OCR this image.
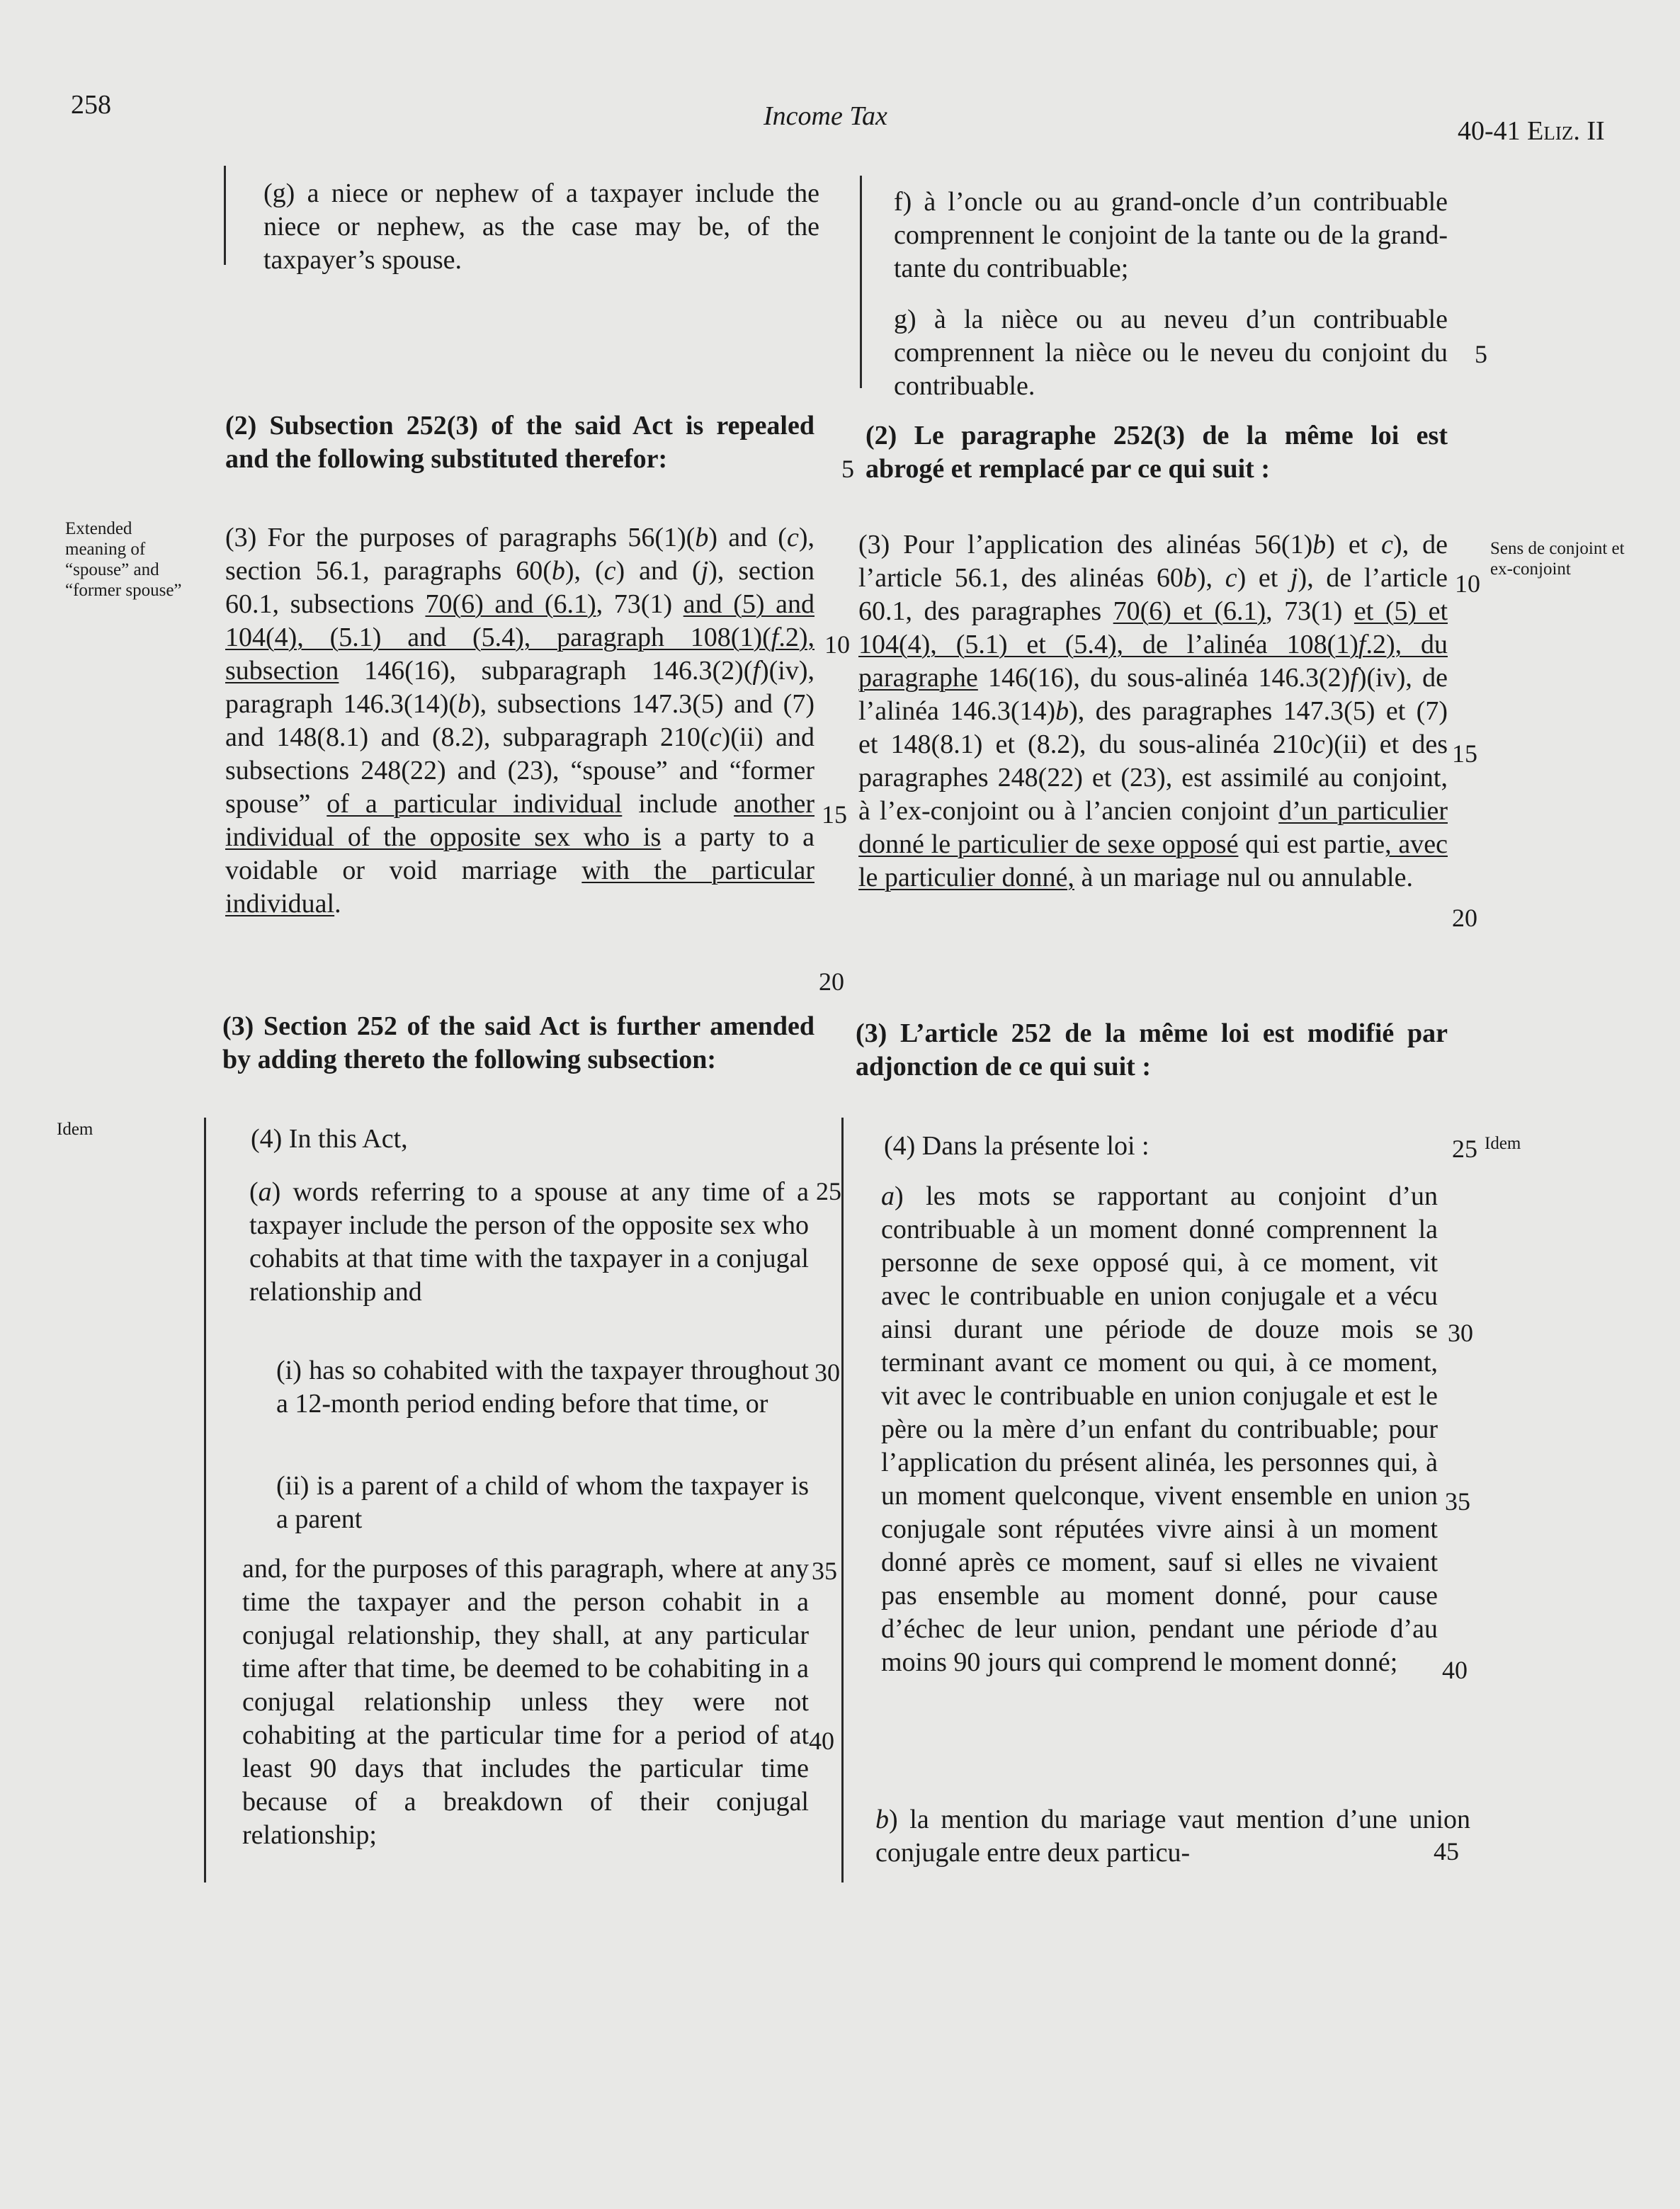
258	Income Tax	40-41 Eliz. II
Extended meaning of “spouse” and “former spouse”
Sens de conjoint et ex-conjoint
Idem
Idem

(g) a niece or nephew of a taxpayer include the niece or nephew, as the case may be, of the taxpayer’s spouse.

(2) Subsection 252(3) of the said Act is repealed and the following substituted therefor:

(3) For the purposes of paragraphs 56(1)(b) and (c), section 56.1, paragraphs 60(b), (c) and (j), section 60.1, subsections 70(6) and (6.1), 73(1) and (5) and 104(4), (5.1) and (5.4), paragraph 108(1)(f.2), subsection 146(16), subparagraph 146.3(2)(f)(iv), paragraph 146.3(14)(b), subsections 147.3(5) and (7) and 148(8.1) and (8.2), subparagraph 210(c)(ii) and subsections 248(22) and (23), “spouse” and “former spouse” of a particular individual include another individual of the opposite sex who is a party to a voidable or void marriage with the particular individual.

(3) Section 252 of the said Act is further amended by adding thereto the following subsection:

(4) In this Act,

(a) words referring to a spouse at any time of a taxpayer include the person of the opposite sex who cohabits at that time with the taxpayer in a conjugal relationship and

(i) has so cohabited with the taxpayer throughout a 12-month period ending before that time, or

(ii) is a parent of a child of whom the taxpayer is a parent

and, for the purposes of this paragraph, where at any time the taxpayer and the person cohabit in a conjugal relationship, they shall, at any particular time after that time, be deemed to be cohabiting in a conjugal relationship unless they were not cohabiting at the particular time for a period of at least 90 days that includes the particular time because of a breakdown of their conjugal relationship;

f) à l’oncle ou au grand-oncle d’un contribuable comprennent le conjoint de la tante ou de la grand-tante du contribuable;

g) à la nièce ou au neveu d’un contribuable comprennent la nièce ou le neveu du conjoint du contribuable.

(2) Le paragraphe 252(3) de la même loi est abrogé et remplacé par ce qui suit :

(3) Pour l’application des alinéas 56(1)b) et c), de l’article 56.1, des alinéas 60b), c) et j), de l’article 60.1, des paragraphes 70(6) et (6.1), 73(1) et (5) et 104(4), (5.1) et (5.4), de l’alinéa 108(1)f.2), du paragraphe 146(16), du sous-alinéa 146.3(2)f)(iv), de l’alinéa 146.3(14)b), des paragraphes 147.3(5) et (7) et 148(8.1) et (8.2), du sous-alinéa 210c)(ii) et des paragraphes 248(22) et (23), est assimilé au conjoint, à l’ex-conjoint ou à l’ancien conjoint d’un particulier donné le particulier de sexe opposé qui est partie, avec le particulier donné, à un mariage nul ou annulable.

(3) L’article 252 de la même loi est modifié par adjonction de ce qui suit :

(4) Dans la présente loi :

a) les mots se rapportant au conjoint d’un contribuable à un moment donné comprennent la personne de sexe opposé qui, à ce moment, vit avec le contribuable en union conjugale et a vécu ainsi durant une période de douze mois se terminant avant ce moment ou qui, à ce moment, vit avec le contribuable en union conjugale et est le père ou la mère d’un enfant du contribuable; pour l’application du présent alinéa, les personnes qui, à un moment quelconque, vivent ensemble en union conjugale sont réputées vivre ainsi à un moment donné après ce moment, sauf si elles ne vivaient pas ensemble au moment donné, pour cause d’échec de leur union, pendant une période d’au moins 90 jours qui comprend le moment donné;

b) la mention du mariage vaut mention d’une union conjugale entre deux particu-

5
5
10
10
15
15
20
20
25
25
30
30
35
35
40
40
45
